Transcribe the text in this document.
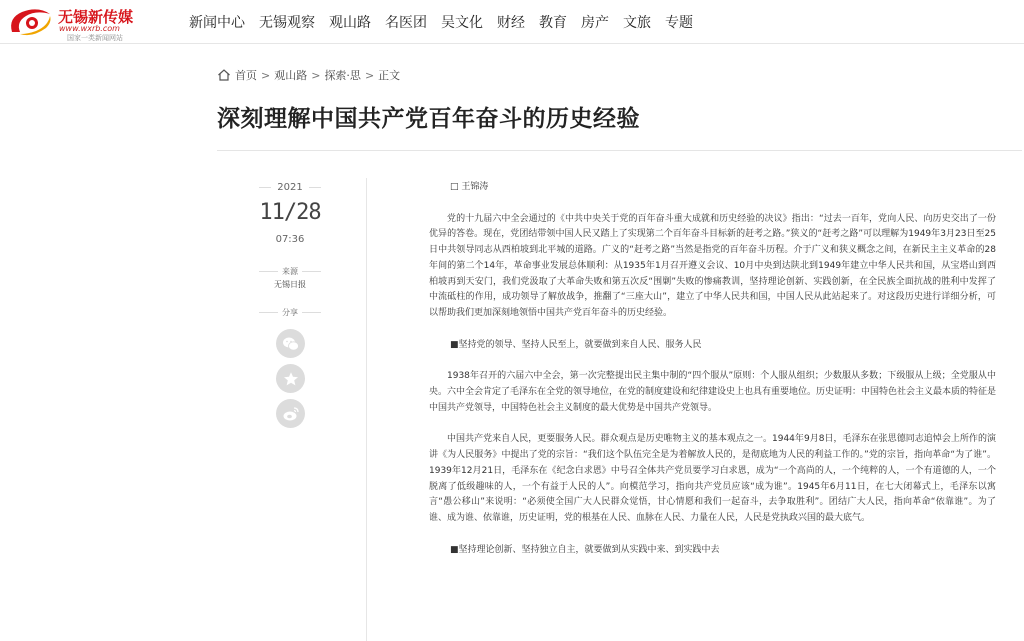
无锡新传媒
www.wxrb.com
国家一类新闻网站
新闻中心 无锡观察 观山路 名医团 吴文化 财经 教育 房产 文旅 专题
首页 > 观山路 > 探索·思 > 正文
深刻理解中国共产党百年奋斗的历史经验
2021
11/28
07:36
来源
无锡日报
分享
□ 王锦涛

党的十九届六中全会通过的《中共中央关于党的百年奋斗重大成就和历史经验的决议》指出：“过去一百年，党向人民、向历史交出了一份优异的答卷。现在，党团结带领中国人民又踏上了实现第二个百年奋斗目标新的赶考之路。”狭义的“赶考之路”可以理解为1949年3月23日至25日中共领导同志从西柏坡到北平城的道路。广义的“赶考之路”当然是指党的百年奋斗历程。介于广义和狭义概念之间，在新民主主义革命的28年间的第二个14年，革命事业发展总体顺利：从1935年1月召开遵义会议、10月中央到达陕北到1949年建立中华人民共和国，从宝塔山到西柏坡再到天安门，我们党汲取了大革命失败和第五次反“围剿”失败的惨痛教训，坚持理论创新、实践创新，在全民族全面抗战的胜利中发挥了中流砥柱的作用，成功领导了解放战争，推翻了“三座大山”，建立了中华人民共和国，中国人民从此站起来了。对这段历史进行详细分析，可以帮助我们更加深刻地领悟中国共产党百年奋斗的历史经验。

■坚持党的领导、坚持人民至上，就要做到来自人民、服务人民

1938年召开的六届六中全会，第一次完整提出民主集中制的“四个服从”原则：个人服从组织；少数服从多数；下级服从上级；全党服从中央。六中全会肯定了毛泽东在全党的领导地位，在党的制度建设和纪律建设史上也具有重要地位。历史证明：中国特色社会主义最本质的特征是中国共产党领导，中国特色社会主义制度的最大优势是中国共产党领导。

中国共产党来自人民，更要服务人民。群众观点是历史唯物主义的基本观点之一。1944年9月8日，毛泽东在张思德同志追悼会上所作的演讲《为人民服务》中提出了党的宗旨：“我们这个队伍完全是为着解放人民的，是彻底地为人民的利益工作的。”党的宗旨，指向革命“为了谁”。1939年12月21日，毛泽东在《纪念白求恩》中号召全体共产党员要学习白求恩，成为“一个高尚的人，一个纯粹的人，一个有道德的人，一个脱离了低级趣味的人，一个有益于人民的人”。向模范学习，指向共产党员应该“成为谁”。1945年6月11日，在七大闭幕式上，毛泽东以寓言“愚公移山”来说明：“必须使全国广大人民群众觉悟，甘心情愿和我们一起奋斗，去争取胜利”。团结广大人民，指向革命“依靠谁”。为了谁、成为谁、依靠谁，历史证明，党的根基在人民、血脉在人民、力量在人民，人民是党执政兴国的最大底气。

■坚持理论创新、坚持独立自主，就要做到从实践中来、到实践中去
